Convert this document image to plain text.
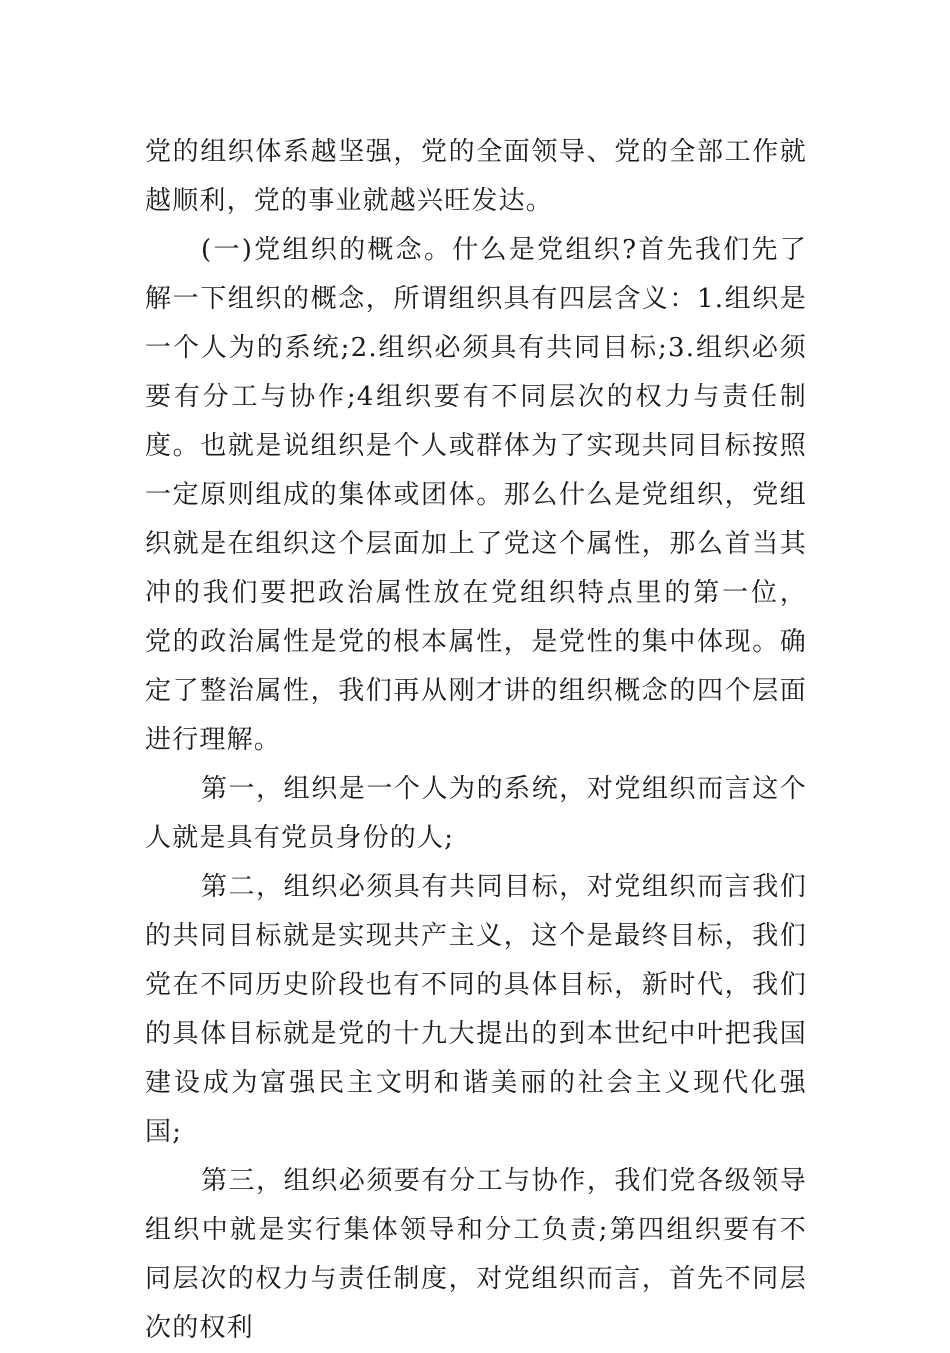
党的组织体系越坚强，党的全面领导、党的全部工作就越顺利，党的事业就越兴旺发达。

(一)党组织的概念。什么是党组织?首先我们先了解一下组织的概念，所谓组织具有四层含义：1.组织是一个人为的系统;2.组织必须具有共同目标;3.组织必须要有分工与协作;4组织要有不同层次的权力与责任制度。也就是说组织是个人或群体为了实现共同目标按照一定原则组成的集体或团体。那么什么是党组织，党组织就是在组织这个层面加上了党这个属性，那么首当其冲的我们要把政治属性放在党组织特点里的第一位， 党的政治属性是党的根本属性，是党性的集中体现。确定了整治属性，我们再从刚才讲的组织概念的四个层面进行理解。

第一，组织是一个人为的系统，对党组织而言这个人就是具有党员身份的人;

第二，组织必须具有共同目标，对党组织而言我们的共同目标就是实现共产主义，这个是最终目标，我们党在不同历史阶段也有不同的具体目标，新时代，我们的具体目标就是党的十九大提出的到本世纪中叶把我国建设成为富强民主文明和谐美丽的社会主义现代化强国;

第三，组织必须要有分工与协作，我们党各级领导组织中就是实行集体领导和分工负责;第四组织要有不同层次的权力与责任制度，对党组织而言，首先不同层次的权利
